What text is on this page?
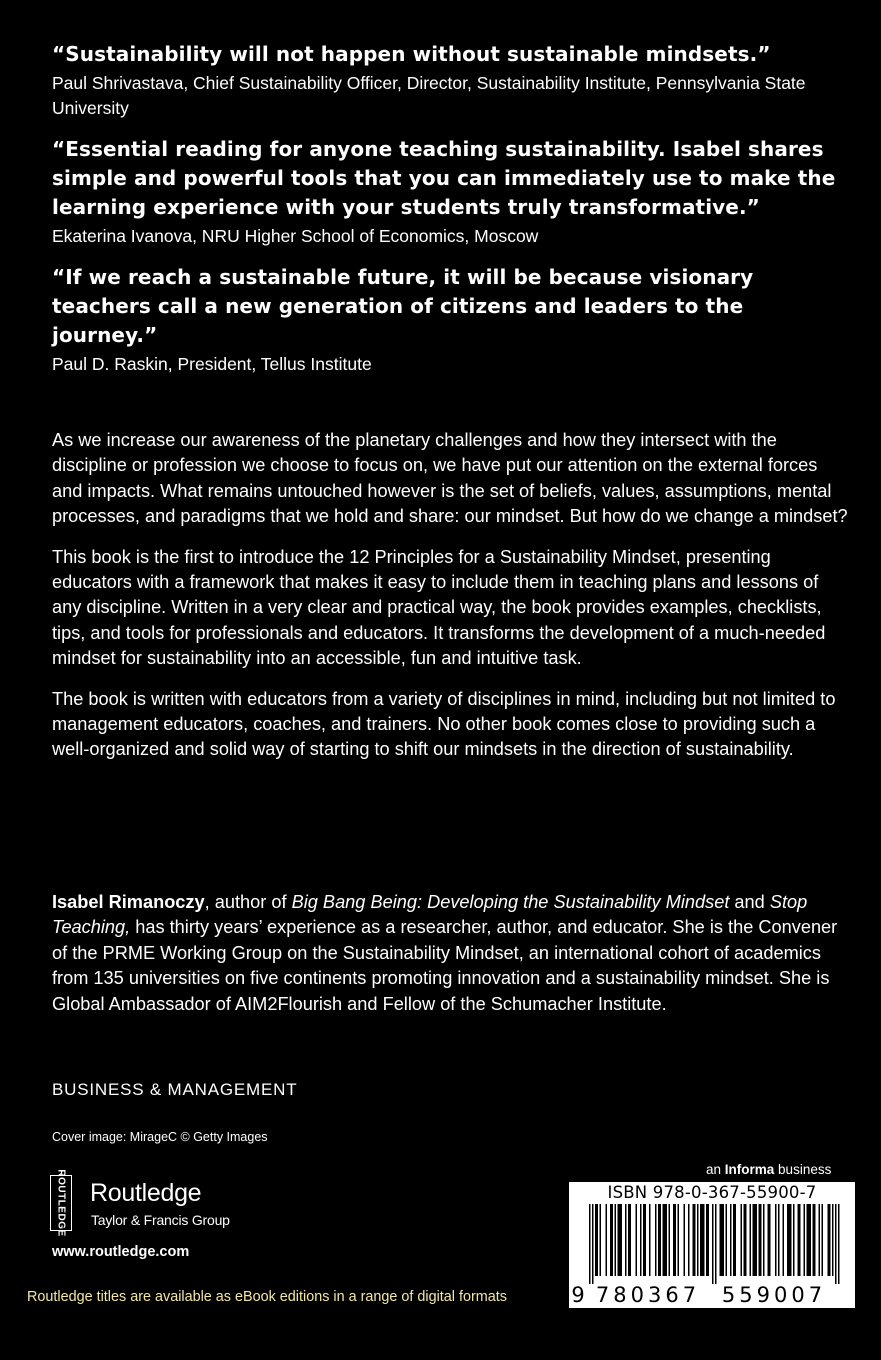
“Sustainability will not happen without sustainable mindsets.”

Paul Shrivastava, Chief Sustainability Officer, Director, Sustainability Institute, Pennsylvania State University

“Essential reading for anyone teaching sustainability. Isabel shares simple and powerful tools that you can immediately use to make the learning experience with your students truly transformative.”

Ekaterina Ivanova, NRU Higher School of Economics, Moscow

“If we reach a sustainable future, it will be because visionary teachers call a new generation of citizens and leaders to the journey.”

Paul D. Raskin, President, Tellus Institute

As we increase our awareness of the planetary challenges and how they intersect with the discipline or profession we choose to focus on, we have put our attention on the external forces and impacts. What remains untouched however is the set of beliefs, values, assumptions, mental processes, and paradigms that we hold and share: our mindset. But how do we change a mindset?

This book is the first to introduce the 12 Principles for a Sustainability Mindset, presenting educators with a framework that makes it easy to include them in teaching plans and lessons of any discipline. Written in a very clear and practical way, the book provides examples, checklists, tips, and tools for professionals and educators. It transforms the development of a much-needed mindset for sustainability into an accessible, fun and intuitive task.

The book is written with educators from a variety of disciplines in mind, including but not limited to management educators, coaches, and trainers. No other book comes close to providing such a well-organized and solid way of starting to shift our mindsets in the direction of sustainability.

Isabel Rimanoczy, author of Big Bang Being: Developing the Sustainability Mindset and Stop Teaching, has thirty years’ experience as a researcher, author, and educator. She is the Convener of the PRME Working Group on the Sustainability Mindset, an international cohort of academics from 135 universities on five continents promoting innovation and a sustainability mindset. She is Global Ambassador of AIM2Flourish and Fellow of the Schumacher Institute.

BUSINESS & MANAGEMENT
Cover image: MirageC © Getty Images
ROUTLEDGE Routledge
Taylor & Francis Group
www.routledge.com
Routledge titles are available as eBook editions in a range of digital formats
an Informa business
ISBN 978-0-367-55900-7
9 780367	559007
